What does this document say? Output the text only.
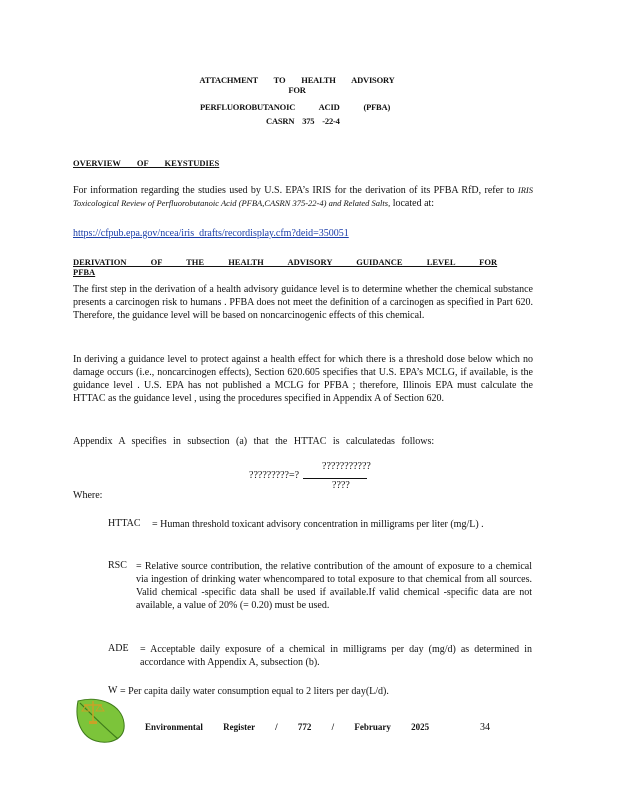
ATTACHMENT TO HEALTH ADVISORY FOR
PERFLUOROBUTANOIC ACID (PFBA)
CASRN 375 -22-4
OVERVIEW OF KEYSTUDIES
For information regarding the studies used by U.S. EPA’s IRIS for the derivation of its PFBA RfD, refer to IRIS Toxicological Review of Perfluorobutanoic Acid (PFBA,CASRN 375-22-4) and Related Salts, located at:
https://cfpub.epa.gov/ncea/iris_drafts/recordisplay.cfm?deid=350051
DERIVATION OF THE HEALTH ADVISORY GUIDANCE LEVEL FOR PFBA
The first step in the derivation of a health advisory guidance level is to determine whether the chemical substance presents a carcinogen risk to humans . PFBA does not meet the definition of a carcinogen as specified in Part 620. Therefore, the guidance level will be based on noncarcinogenic effects of this chemical.
In deriving a guidance level to protect against a health effect for which there is a threshold dose below which no damage occurs (i.e., noncarcinogen effects), Section 620.605 specifies that U.S. EPA’s MCLG, if available, is the guidance level . U.S. EPA has not published a MCLG for PFBA ; therefore, Illinois EPA must calculate the HTTAC as the guidance level , using the procedures specified in Appendix A of Section 620.
Appendix A specifies in subsection (a) that the HTTAC is calculatedas follows:
???????????
?????????=?
????
Where:
HTTAC = Human threshold toxicant advisory concentration in milligrams per liter (mg/L) .
RSC = Relative source contribution, the relative contribution of the amount of exposure to a chemical via ingestion of drinking water whencompared to total exposure to that chemical from all sources. Valid chemical -specific data shall be used if available.If valid chemical -specific data are not available, a value of 20% (= 0.20) must be used.
ADE = Acceptable daily exposure of a chemical in milligrams per day (mg/d) as determined in accordance with Appendix A, subsection (b).
W = Per capita daily water consumption equal to 2 liters per day(L/d).
Environmental Register / 772 / February 2025	34
